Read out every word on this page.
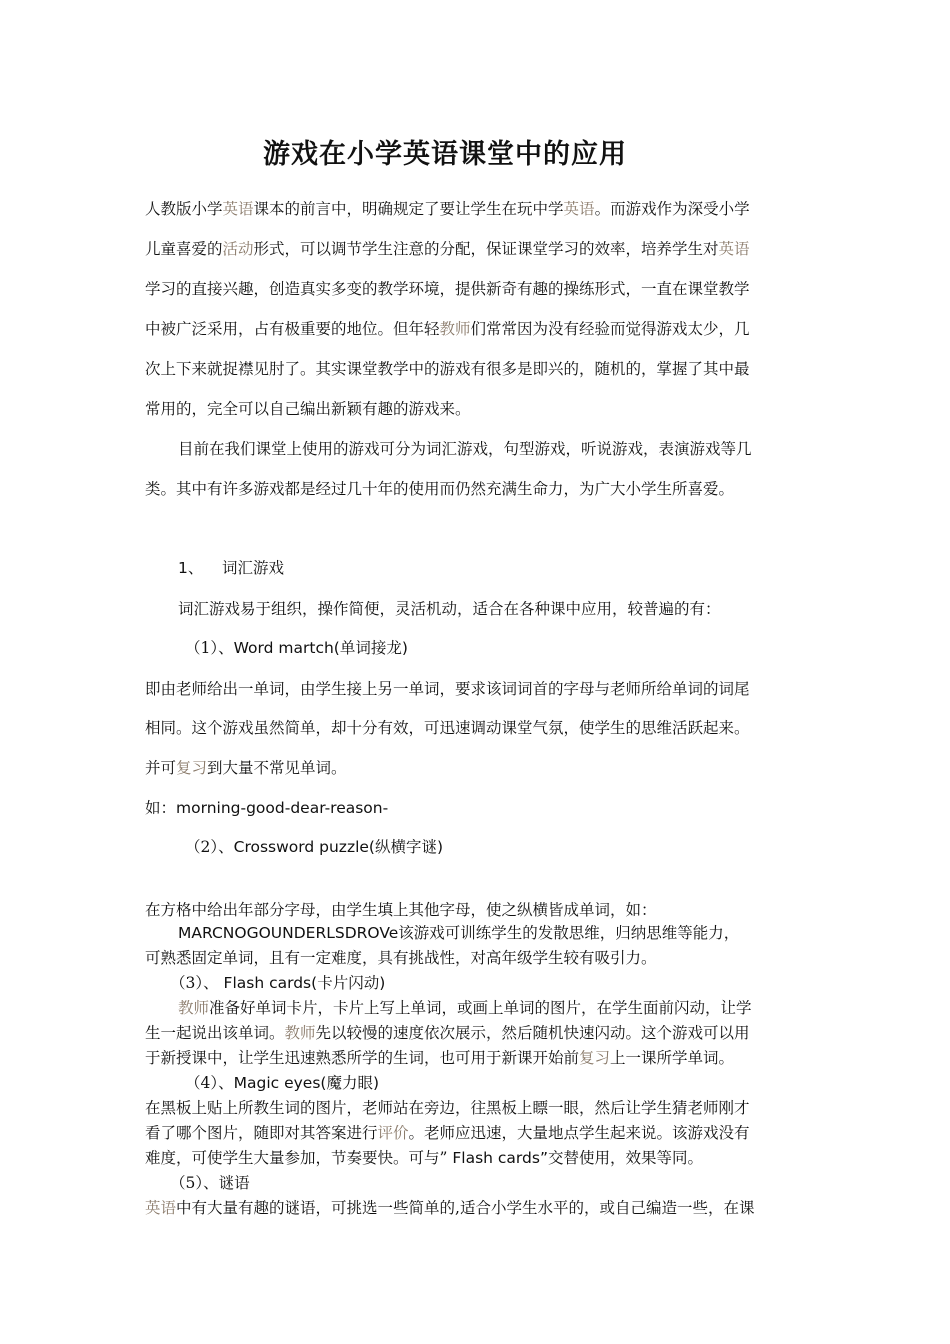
游戏在小学英语课堂中的应用
人教版小学英语课本的前言中，明确规定了要让学生在玩中学英语。而游戏作为深受小学
儿童喜爱的活动形式，可以调节学生注意的分配，保证课堂学习的效率，培养学生对英语
学习的直接兴趣，创造真实多变的教学环境，提供新奇有趣的操练形式，一直在课堂教学
中被广泛采用，占有极重要的地位。但年轻教师们常常因为没有经验而觉得游戏太少，几
次上下来就捉襟见肘了。其实课堂教学中的游戏有很多是即兴的，随机的，掌握了其中最
常用的，完全可以自己编出新颖有趣的游戏来。
目前在我们课堂上使用的游戏可分为词汇游戏，句型游戏，听说游戏，表演游戏等几
类。其中有许多游戏都是经过几十年的使用而仍然充满生命力，为广大小学生所喜爱。
1、	词汇游戏
词汇游戏易于组织，操作简便，灵活机动，适合在各种课中应用，较普遍的有：
（1）、Word martch(单词接龙)
即由老师给出一单词，由学生接上另一单词，要求该词词首的字母与老师所给单词的词尾
相同。这个游戏虽然简单，却十分有效，可迅速调动课堂气氛，使学生的思维活跃起来。
并可复习到大量不常见单词。
如：morning-good-dear-reason-
（2）、Crossword puzzle(纵横字谜)
在方格中给出年部分字母，由学生填上其他字母，使之纵横皆成单词，如：
MARCNOGOUNDERLSDROVe该游戏可训练学生的发散思维，归纳思维等能力，
可熟悉固定单词，且有一定难度，具有挑战性，对高年级学生较有吸引力。
（3）、 Flash cards(卡片闪动)
教师准备好单词卡片，卡片上写上单词，或画上单词的图片，在学生面前闪动，让学
生一起说出该单词。教师先以较慢的速度依次展示，然后随机快速闪动。这个游戏可以用
于新授课中，让学生迅速熟悉所学的生词，也可用于新课开始前复习上一课所学单词。
（4）、Magic eyes(魔力眼)
在黑板上贴上所教生词的图片，老师站在旁边，往黑板上瞟一眼，然后让学生猜老师刚才
看了哪个图片，随即对其答案进行评价。老师应迅速，大量地点学生起来说。该游戏没有
难度，可使学生大量参加，节奏要快。可与” Flash cards”交替使用，效果等同。
（5）、谜语
英语中有大量有趣的谜语，可挑选一些简单的,适合小学生水平的，或自己编造一些，在课
